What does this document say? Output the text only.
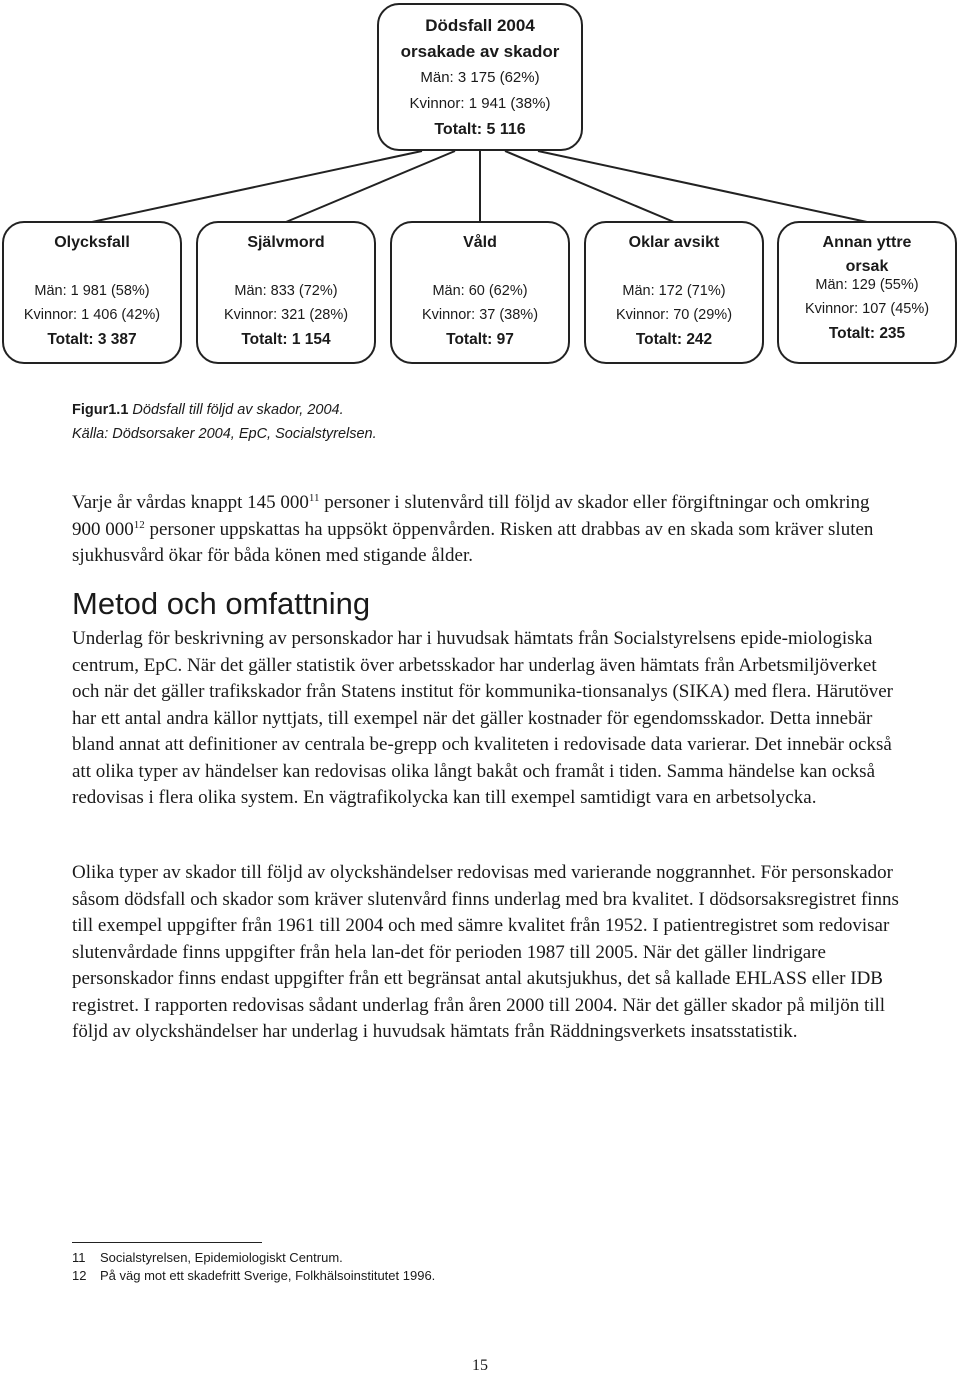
Dödsfall 2004
orsakade av skador
Män: 3 175 (62%)
Kvinnor: 1 941 (38%)
Totalt: 5 116
Olycksfall
Män: 1 981 (58%)
Kvinnor: 1 406 (42%)
Totalt: 3 387
Självmord
Män: 833 (72%)
Kvinnor: 321 (28%)
Totalt: 1 154
Våld
Män: 60 (62%)
Kvinnor: 37 (38%)
Totalt: 97
Oklar avsikt
Män: 172 (71%)
Kvinnor: 70 (29%)
Totalt: 242
Annan yttre
orsak
Män: 129 (55%)
Kvinnor: 107 (45%)
Totalt: 235
Figur1.1 Dödsfall till följd av skador, 2004.
Källa: Dödsorsaker 2004, EpC, Socialstyrelsen.
Varje år vårdas knappt 145 $000^{11}$ personer i slutenvård till följd av skador eller förgiftningar och omkring 900 $000^{12}$ personer uppskattas ha uppsökt öppenvården. Risken att drabbas av en skada som kräver sluten sjukhusvård ökar för båda könen med stigande ålder.
Metod och omfattning
Underlag för beskrivning av personskador har i huvudsak hämtats från Socialstyrelsens epide-miologiska centrum, EpC. När det gäller statistik över arbetsskador har underlag även hämtats från Arbetsmiljöverket och när det gäller trafikskador från Statens institut för kommunika-tionsanalys (SIKA) med flera. Härutöver har ett antal andra källor nyttjats, till exempel när det gäller kostnader för egendomsskador. Detta innebär bland annat att definitioner av centrala be-grepp och kvaliteten i redovisade data varierar. Det innebär också att olika typer av händelser kan redovisas olika långt bakåt och framåt i tiden. Samma händelse kan också redovisas i flera olika system. En vägtrafikolycka kan till exempel samtidigt vara en arbetsolycka.
Olika typer av skador till följd av olyckshändelser redovisas med varierande noggrannhet. För personskador såsom dödsfall och skador som kräver slutenvård finns underlag med bra kvalitet. I dödsorsaksregistret finns till exempel uppgifter från 1961 till 2004 och med sämre kvalitet från 1952. I patientregistret som redovisar slutenvårdade finns uppgifter från hela lan-det för perioden 1987 till 2005. När det gäller lindrigare personskador finns endast uppgifter från ett begränsat antal akutsjukhus, det så kallade EHLASS eller IDB registret. I rapporten redovisas sådant underlag från åren 2000 till 2004. När det gäller skador på miljön till följd av olyckshändelser har underlag i huvudsak hämtats från Räddningsverkets insatsstatistik.
11 Socialstyrelsen, Epidemiologiskt Centrum.
12 På väg mot ett skadefritt Sverige, Folkhälsoinstitutet 1996.
15
